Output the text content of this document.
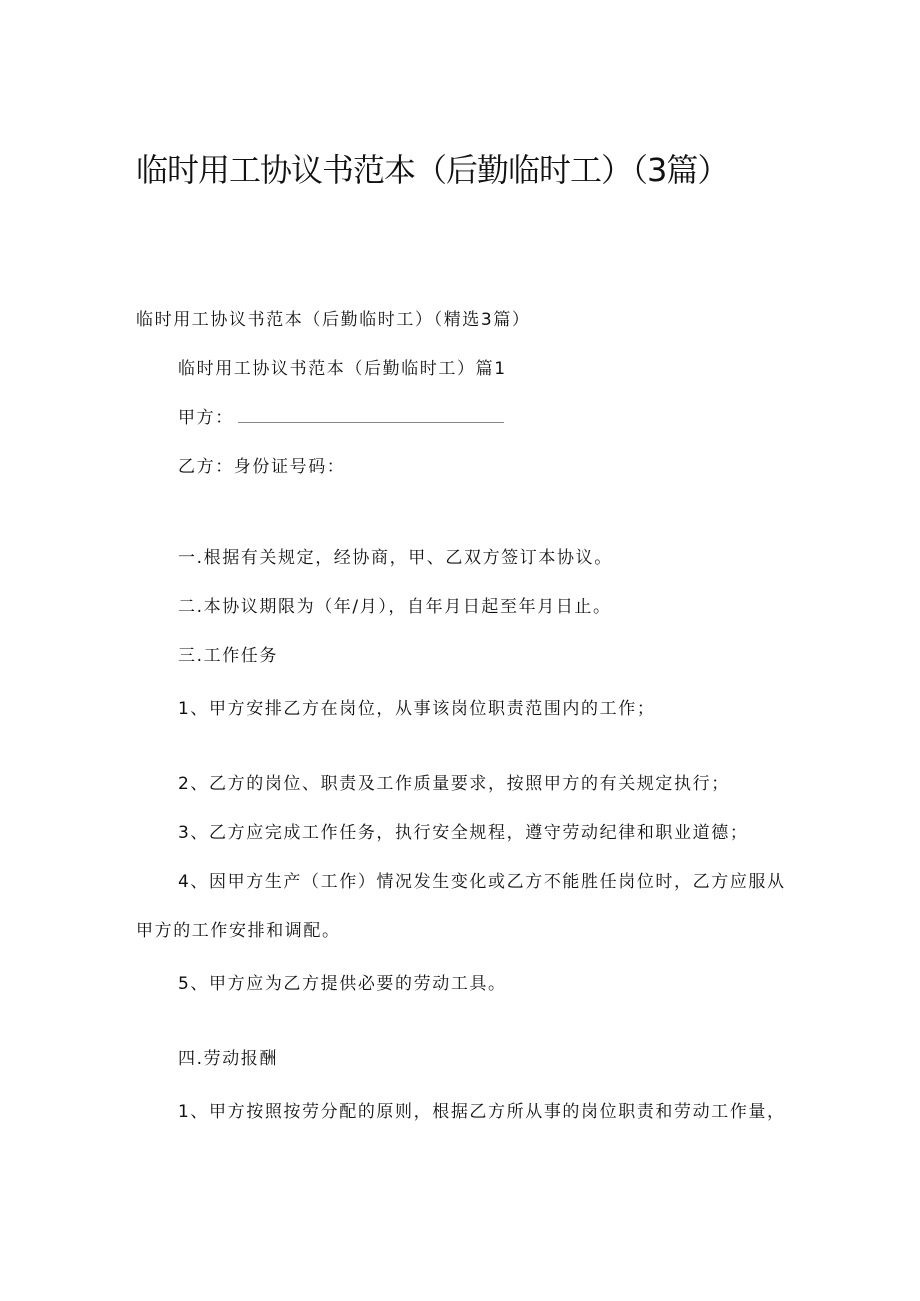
临时用工协议书范本（后勤临时工）（3篇）

临时用工协议书范本（后勤临时工）（精选3篇）

临时用工协议书范本（后勤临时工）篇1

甲方：

乙方：身份证号码：

一.根据有关规定，经协商，甲、乙双方签订本协议。

二.本协议期限为（年/月），自年月日起至年月日止。

三.工作任务

1、甲方安排乙方在岗位，从事该岗位职责范围内的工作；

2、乙方的岗位、职责及工作质量要求，按照甲方的有关规定执行；

3、乙方应完成工作任务，执行安全规程，遵守劳动纪律和职业道德；

4、因甲方生产（工作）情况发生变化或乙方不能胜任岗位时，乙方应服从

甲方的工作安排和调配。

5、甲方应为乙方提供必要的劳动工具。

四.劳动报酬

1、甲方按照按劳分配的原则，根据乙方所从事的岗位职责和劳动工作量，
